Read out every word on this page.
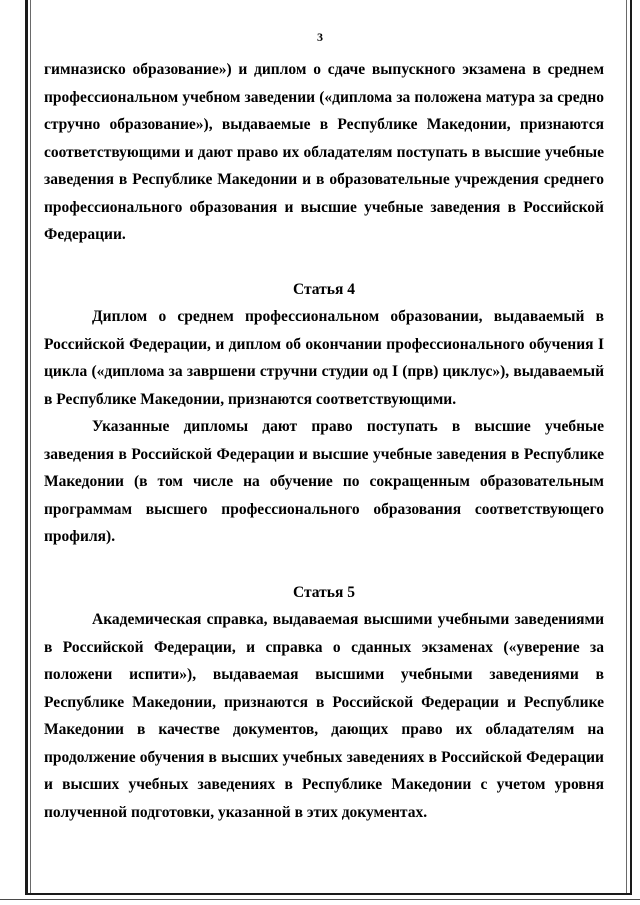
3

гимназиско образование») и диплом о сдаче выпускного экзамена в среднем профессиональном учебном заведении («диплома за положена матура за средно стручно образование»), выдаваемые в Республике Македонии, признаются соответствующими и дают право их обладателям поступать в высшие учебные заведения в Республике Македонии и в образовательные учреждения среднего профессионального образования и высшие учебные заведения в Российской Федерации.

Статья 4

Диплом о среднем профессиональном образовании, выдаваемый в Российской Федерации, и диплом об окончании профессионального обучения I цикла («диплома за завршени стручни студии од I (прв) циклус»), выдаваемый в Республике Македонии, признаются соответствующими.

Указанные дипломы дают право поступать в высшие учебные заведения в Российской Федерации и высшие учебные заведения в Республике Македонии (в том числе на обучение по сокращенным образовательным программам высшего профессионального образования соответствующего профиля).

Статья 5

Академическая справка, выдаваемая высшими учебными заведениями в Российской Федерации, и справка о сданных экзаменах («уверение за положени испити»), выдаваемая высшими учебными заведениями в Республике Македонии, признаются в Российской Федерации и Республике Македонии в качестве документов, дающих право их обладателям на продолжение обучения в высших учебных заведениях в Российской Федерации и высших учебных заведениях в Республике Македонии с учетом уровня полученной подготовки, указанной в этих документах.
